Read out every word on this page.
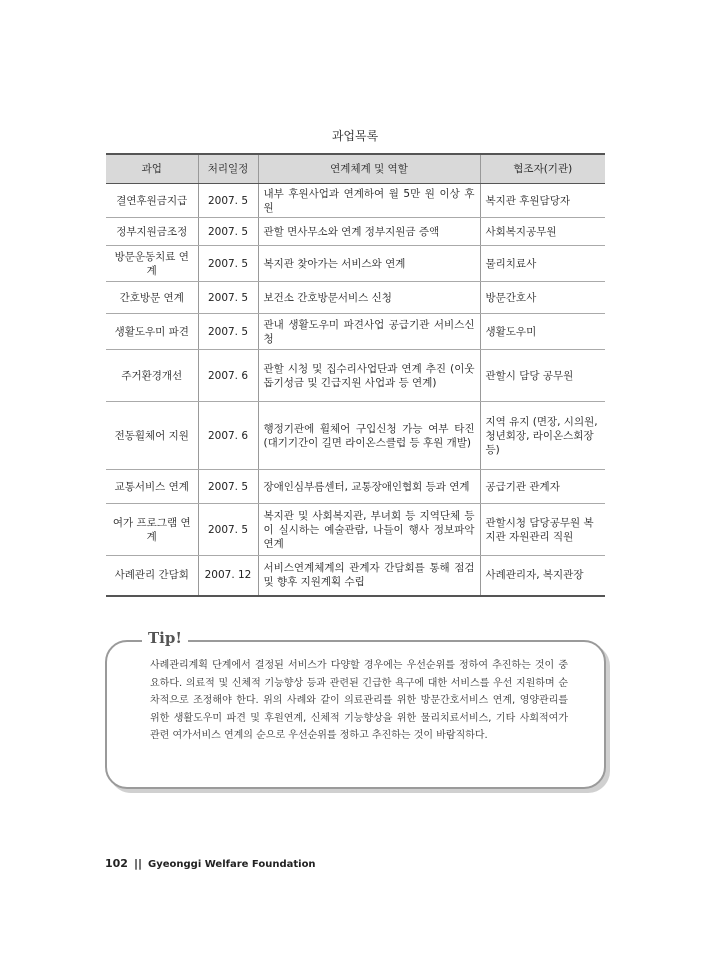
과업목록
과업	처리일정	연계체계 및 역할	협조자(기관)
결연후원금지급	2007. 5	내부 후원사업과 연계하여 월 5만 원 이상 후원	복지관 후원담당자
정부지원금조정	2007. 5	관할 면사무소와 연계 정부지원금 증액	사회복지공무원
방문운동치료 연계	2007. 5	복지관 찾아가는 서비스와 연계	물리치료사
간호방문 연계	2007. 5	보건소 간호방문서비스 신청	방문간호사
생활도우미 파견	2007. 5	관내 생활도우미 파견사업 공급기관 서비스신청	생활도우미
주거환경개선	2007. 6	관할 시청 및 집수리사업단과 연계 추진 (이웃돕기성금 및 긴급지원 사업과 등 연계)	관할시 담당 공무원
전동휠체어 지원	2007. 6	행정기관에 휠체어 구입신청 가능 여부 타진 (대기기간이 길면 라이온스클럽 등 후원 개발)	지역 유지 (면장, 시의원, 청년회장, 라이온스회장 등)
교통서비스 연계	2007. 5	장애인심부름센터, 교통장애인협회 등과 연계	공급기관 관계자
여가 프로그램 연계	2007. 5	복지관 및 사회복지관, 부녀회 등 지역단체 등이 실시하는 예술관람, 나들이 행사 정보파악 연계	관할시청 담당공무원 복지관 자원관리 직원
사례관리 간담회	2007. 12	서비스연계체계의 관계자 간담회를 통해 점검 및 향후 지원계획 수립	사례관리자, 복지관장
Tip!
사례관리계획 단계에서 결정된 서비스가 다양할 경우에는 우선순위를 정하여 추진하는 것이 중요하다. 의료적 및 신체적 기능향상 등과 관련된 긴급한 욕구에 대한 서비스를 우선 지원하며 순차적으로 조정해야 한다. 위의 사례와 같이 의료관리를 위한 방문간호서비스 연계, 영양관리를 위한 생활도우미 파견 및 후원연계, 신체적 기능향상을 위한 물리치료서비스, 기타 사회적여가 관련 여가서비스 연계의 순으로 우선순위를 정하고 추진하는 것이 바람직하다.
102 || Gyeonggi Welfare Foundation
